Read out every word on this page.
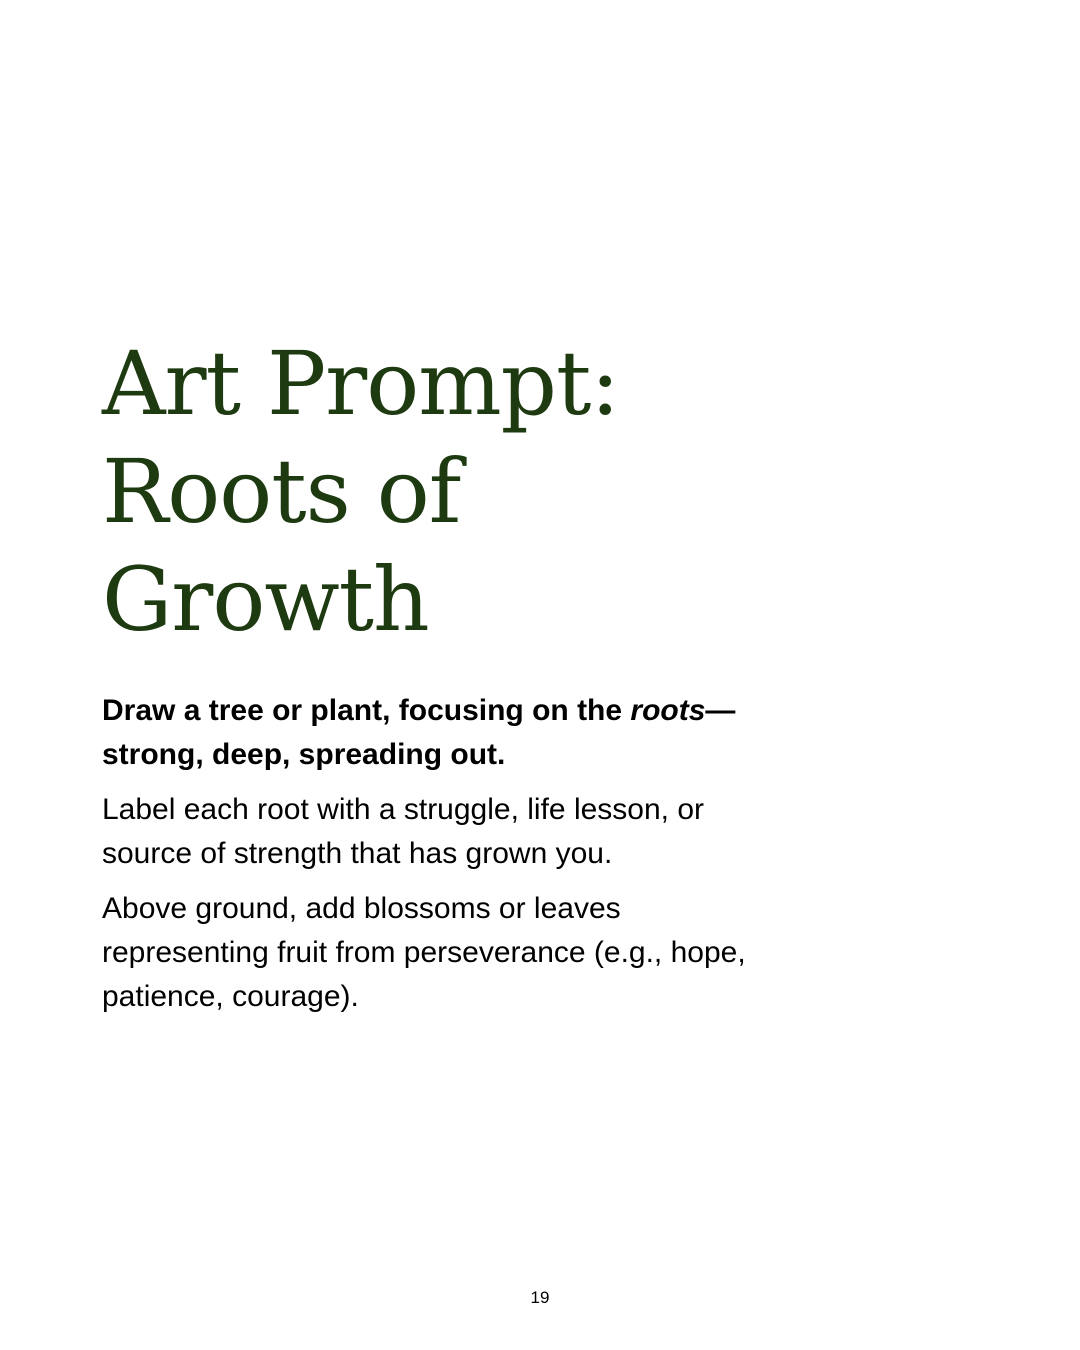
Art Prompt:
Roots of
Growth

Draw a tree or plant, focusing on the roots—strong, deep, spreading out.

Label each root with a struggle, life lesson, or source of strength that has grown you.

Above ground, add blossoms or leaves representing fruit from perseverance (e.g., hope, patience, courage).

19
